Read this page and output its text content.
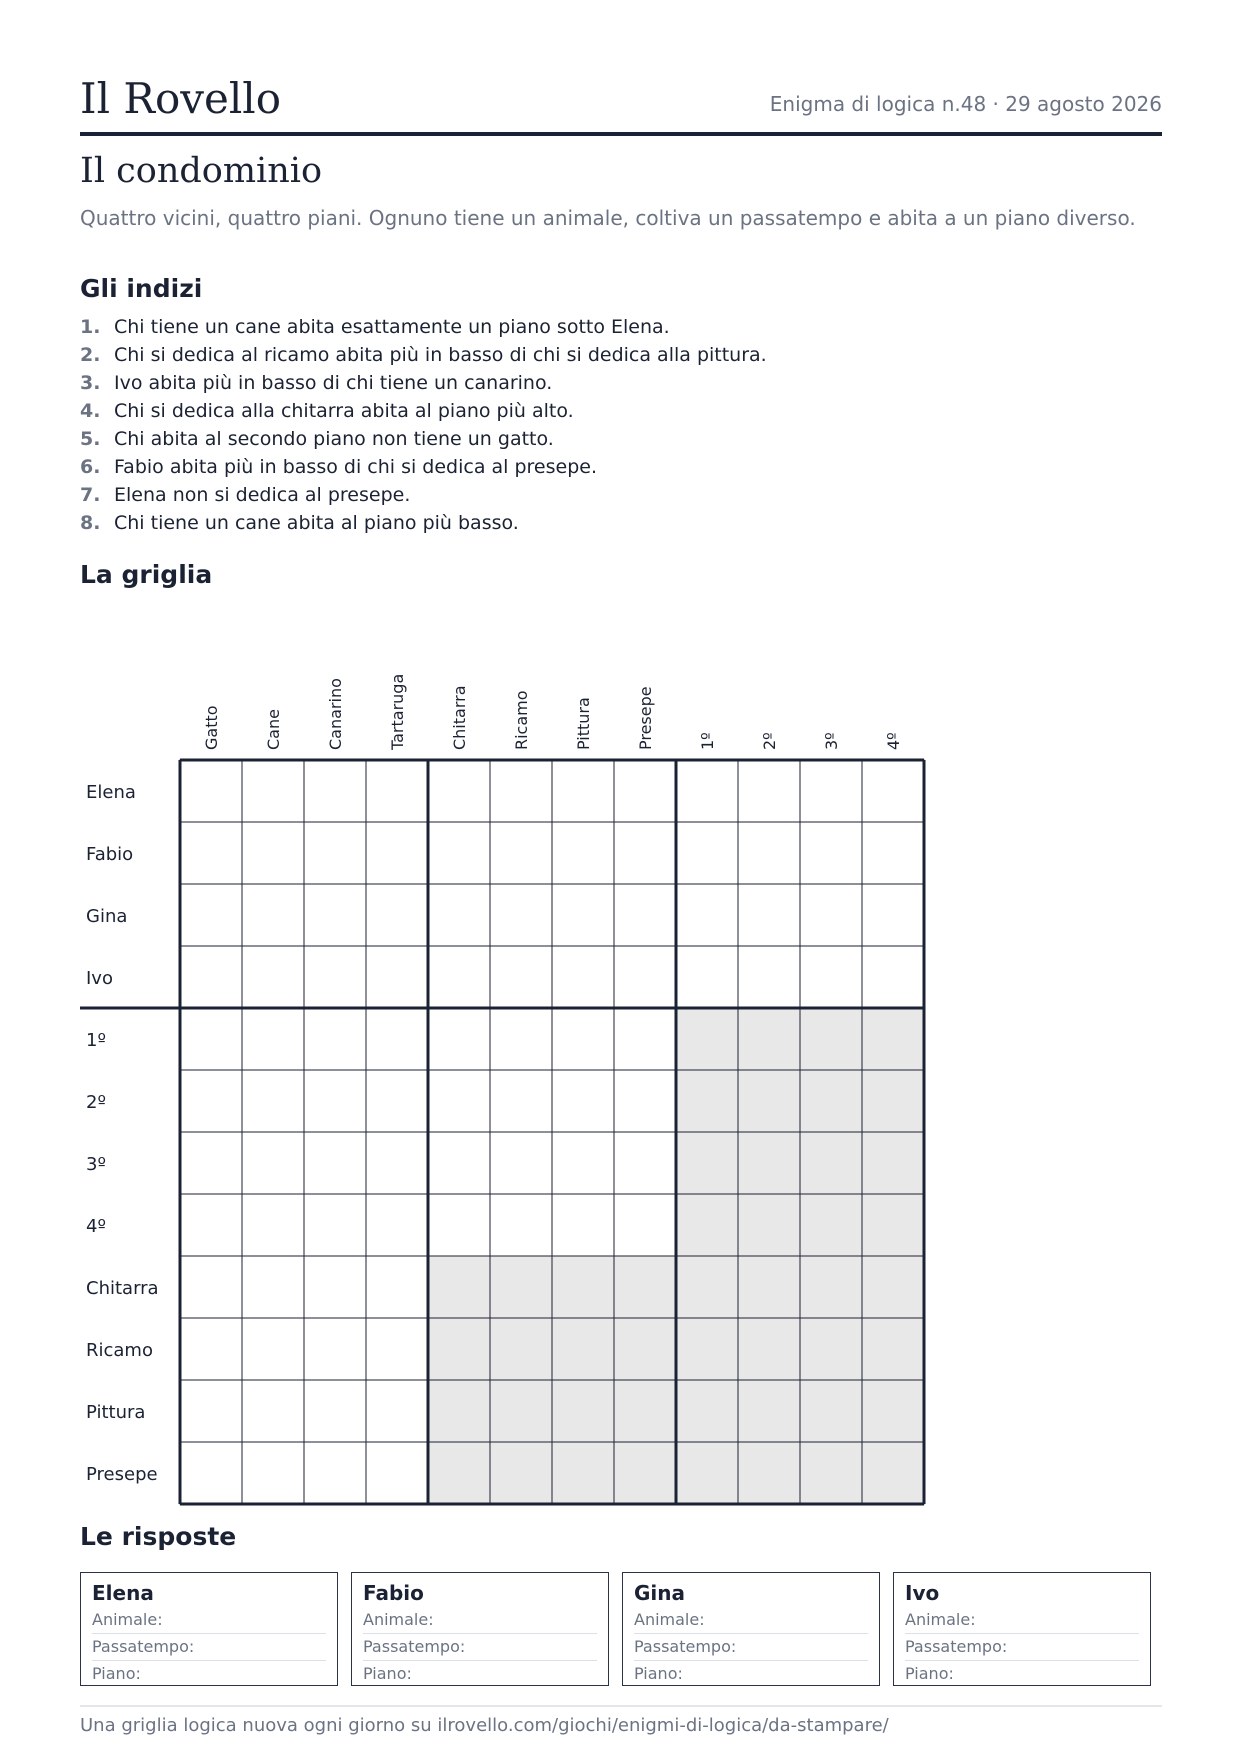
Il Rovello	Enigma di logica n.48 · 29 agosto 2026
Il condominio
Quattro vicini, quattro piani. Ognuno tiene un animale, coltiva un passatempo e abita a un piano diverso.
Gli indizi
1. Chi tiene un cane abita esattamente un piano sotto Elena.
2. Chi si dedica al ricamo abita più in basso di chi si dedica alla pittura.
3. Ivo abita più in basso di chi tiene un canarino.
4. Chi si dedica alla chitarra abita al piano più alto.
5. Chi abita al secondo piano non tiene un gatto.
6. Fabio abita più in basso di chi si dedica al presepe.
7. Elena non si dedica al presepe.
8. Chi tiene un cane abita al piano più basso.
La griglia
Gatto	Cane	Canarino	Tartaruga	Chitarra	Ricamo	Pittura	Presepe	1º	2º	3º	4º
Elena
Fabio
Gina
Ivo
1º
2º
3º
4º
Chitarra
Ricamo
Pittura
Presepe
Le risposte
Elena
Animale:
Passatempo:
Piano:
Fabio
Animale:
Passatempo:
Piano:
Gina
Animale:
Passatempo:
Piano:
Ivo
Animale:
Passatempo:
Piano:
Una griglia logica nuova ogni giorno su ilrovello.com/giochi/enigmi-di-logica/da-stampare/
